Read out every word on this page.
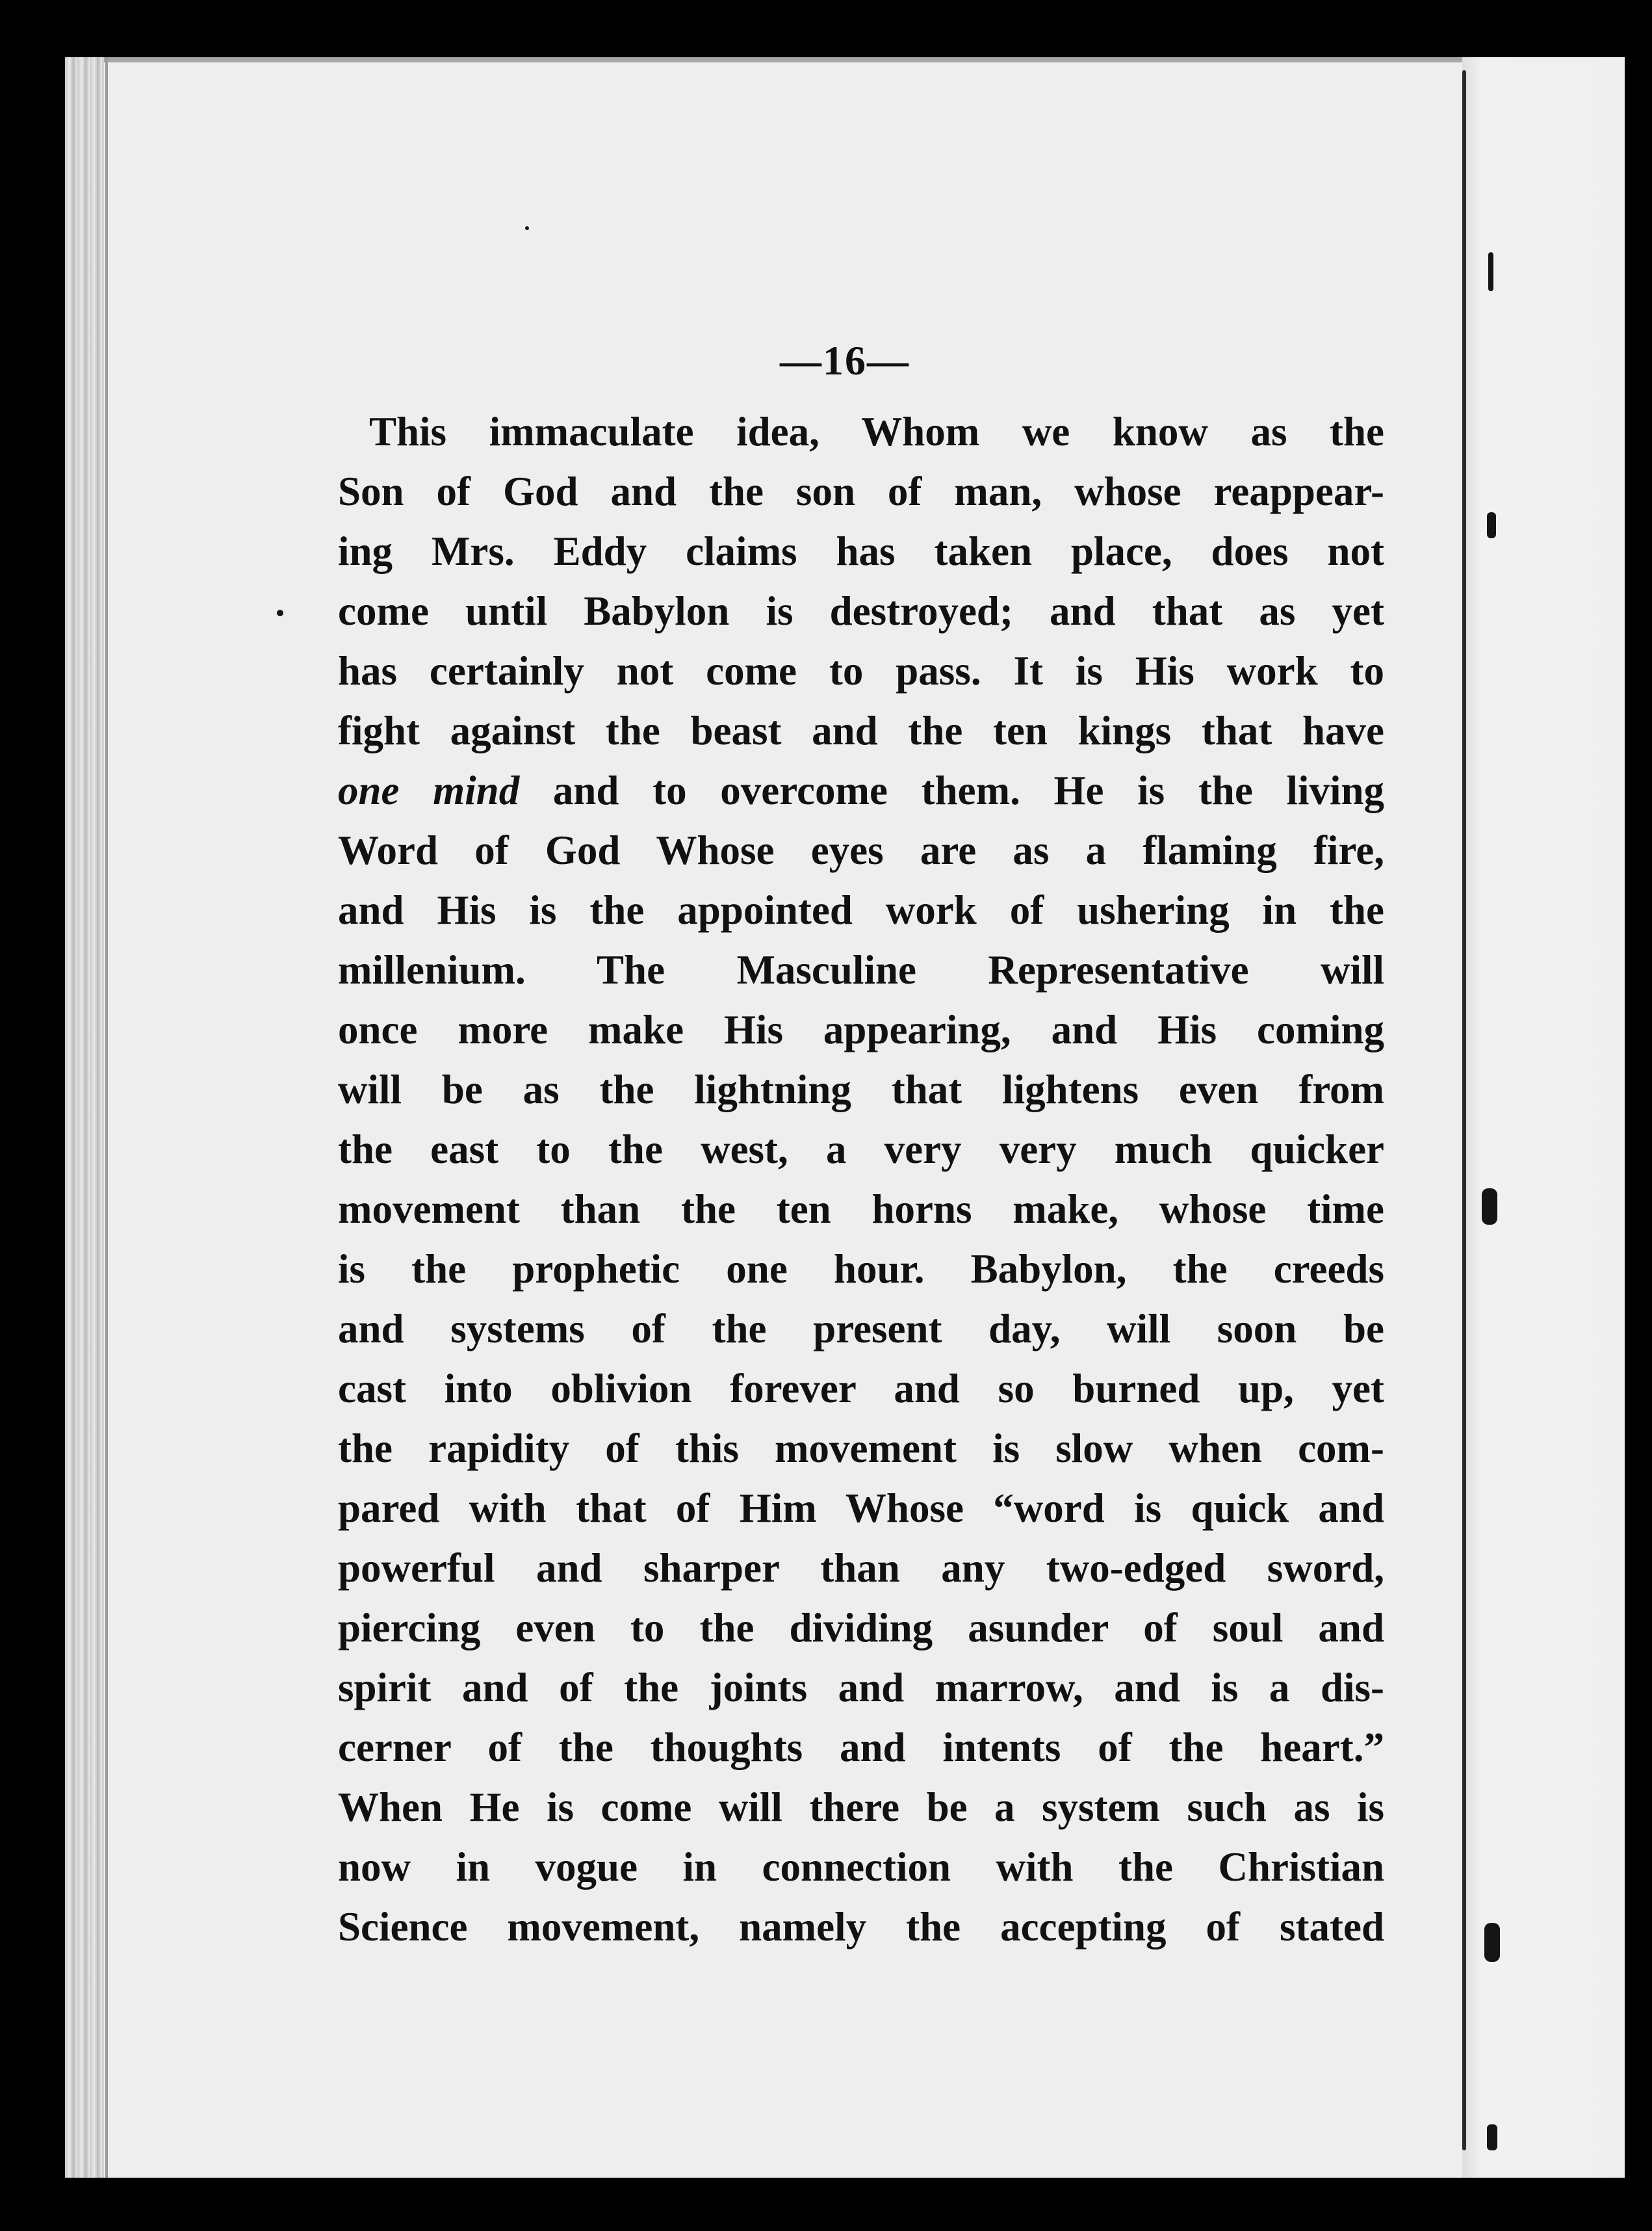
—16—

This immaculate idea, Whom we know as the
Son of God and the son of man, whose reappear-
ing Mrs. Eddy claims has taken place, does not
come until Babylon is destroyed; and that as yet
has certainly not come to pass. It is His work to
fight against the beast and the ten kings that have
one mind and to overcome them. He is the living
Word of God Whose eyes are as a flaming fire,
and His is the appointed work of ushering in the
millenium. The Masculine Representative will
once more make His appearing, and His coming
will be as the lightning that lightens even from
the east to the west, a very very much quicker
movement than the ten horns make, whose time
is the prophetic one hour. Babylon, the creeds
and systems of the present day, will soon be
cast into oblivion forever and so burned up, yet
the rapidity of this movement is slow when com-
pared with that of Him Whose “word is quick and
powerful and sharper than any two-edged sword,
piercing even to the dividing asunder of soul and
spirit and of the joints and marrow, and is a dis-
cerner of the thoughts and intents of the heart.”
When He is come will there be a system such as is
now in vogue in connection with the Christian
Science movement, namely the accepting of stated
